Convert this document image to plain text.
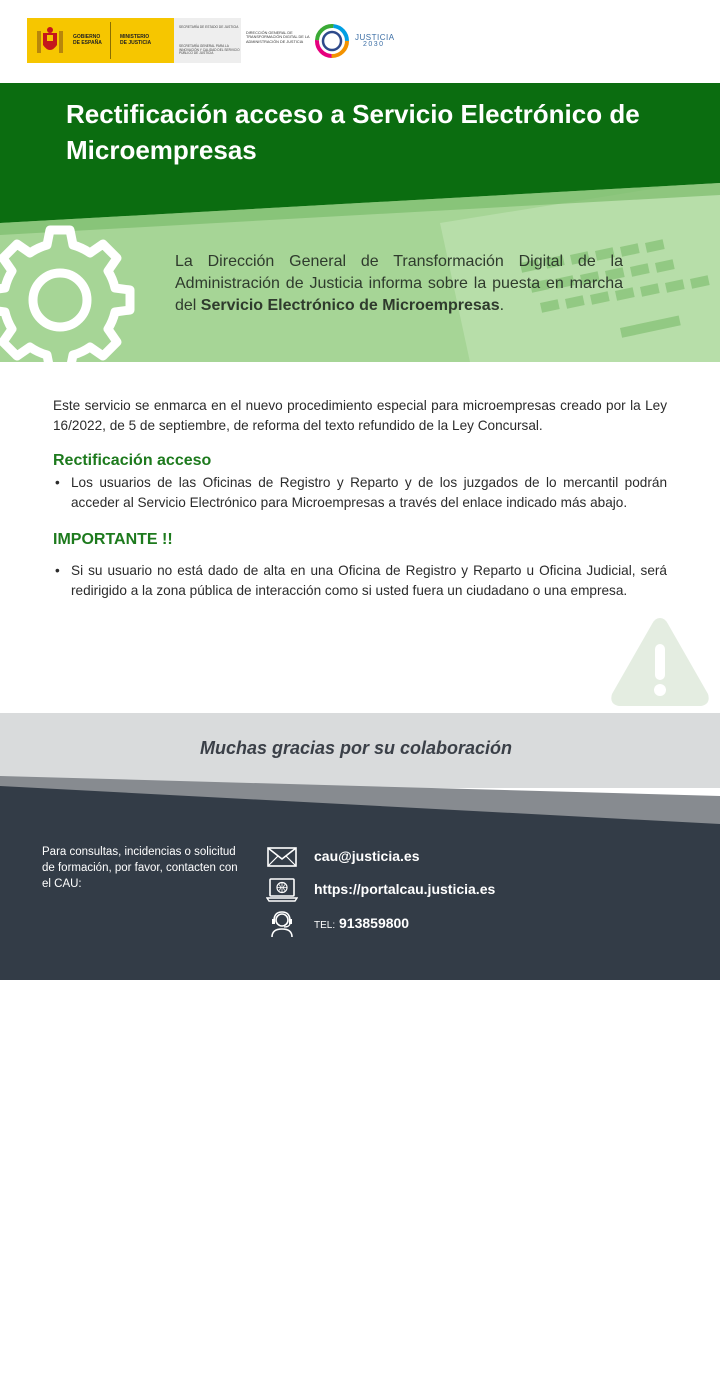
GOBIERNO
DE ESPAÑA
MINISTERIO
DE JUSTICIA
SECRETARÍA DE ESTADO DE JUSTICIA
SECRETARÍA GENERAL PARA LA INNOVACIÓN Y CALIDAD DEL SERVICIO PÚBLICO DE JUSTICIA
DIRECCIÓN GENERAL DE TRANSFORMACIÓN DIGITAL DE LA ADMINISTRACIÓN DE JUSTICIA	JUSTICIA
2030
Rectificación acceso a Servicio Electrónico de Microempresas

La Dirección General de Transformación Digital de la Administración de Justicia informa sobre la puesta en marcha del Servicio Electrónico de Microempresas.

Este servicio se enmarca en el nuevo procedimiento especial para microempresas creado por la Ley 16/2022, de 5 de septiembre, de reforma del texto refundido de la Ley Concursal.

Rectificación acceso

• Los usuarios de las Oficinas de Registro y Reparto y de los juzgados de lo mercantil podrán acceder al Servicio Electrónico para Microempresas a través del enlace indicado más abajo.

IMPORTANTE !!

• Si su usuario no está dado de alta en una Oficina de Registro y Reparto u Oficina Judicial, será redirigido a la zona pública de interacción como si usted fuera un ciudadano o una empresa.

Muchas gracias por su colaboración

Para consultas, incidencias o solicitud de formación, por favor, contacten con el CAU:

cau@justicia.es
https://portalcau.justicia.es
TEL: 913859800
